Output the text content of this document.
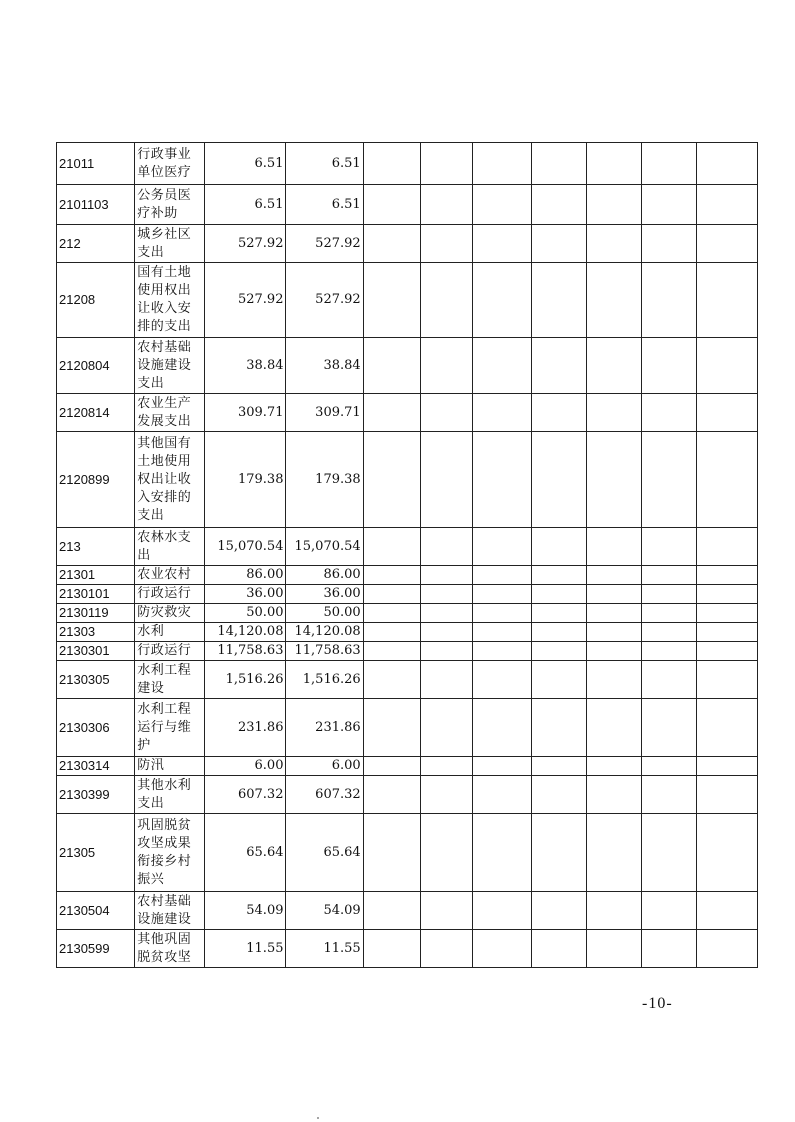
21011	行政事业单位医疗	6.51	6.51							
2101103	公务员医疗补助	6.51	6.51							
212	城乡社区支出	527.92	527.92							
21208	国有土地使用权出让收入安排的支出	527.92	527.92							
2120804	农村基础设施建设支出	38.84	38.84							
2120814	农业生产发展支出	309.71	309.71							
2120899	其他国有土地使用权出让收入安排的支出	179.38	179.38							
213	农林水支出	15,070.54	15,070.54							
21301	农业农村	86.00	86.00							
2130101	行政运行	36.00	36.00							
2130119	防灾救灾	50.00	50.00							
21303	水利	14,120.08	14,120.08							
2130301	行政运行	11,758.63	11,758.63							
2130305	水利工程建设	1,516.26	1,516.26							
2130306	水利工程运行与维护	231.86	231.86							
2130314	防汛	6.00	6.00							
2130399	其他水利支出	607.32	607.32							
21305	巩固脱贫攻坚成果衔接乡村振兴	65.64	65.64							
2130504	农村基础设施建设	54.09	54.09							
2130599	其他巩固脱贫攻坚	11.55	11.55							
-10-
